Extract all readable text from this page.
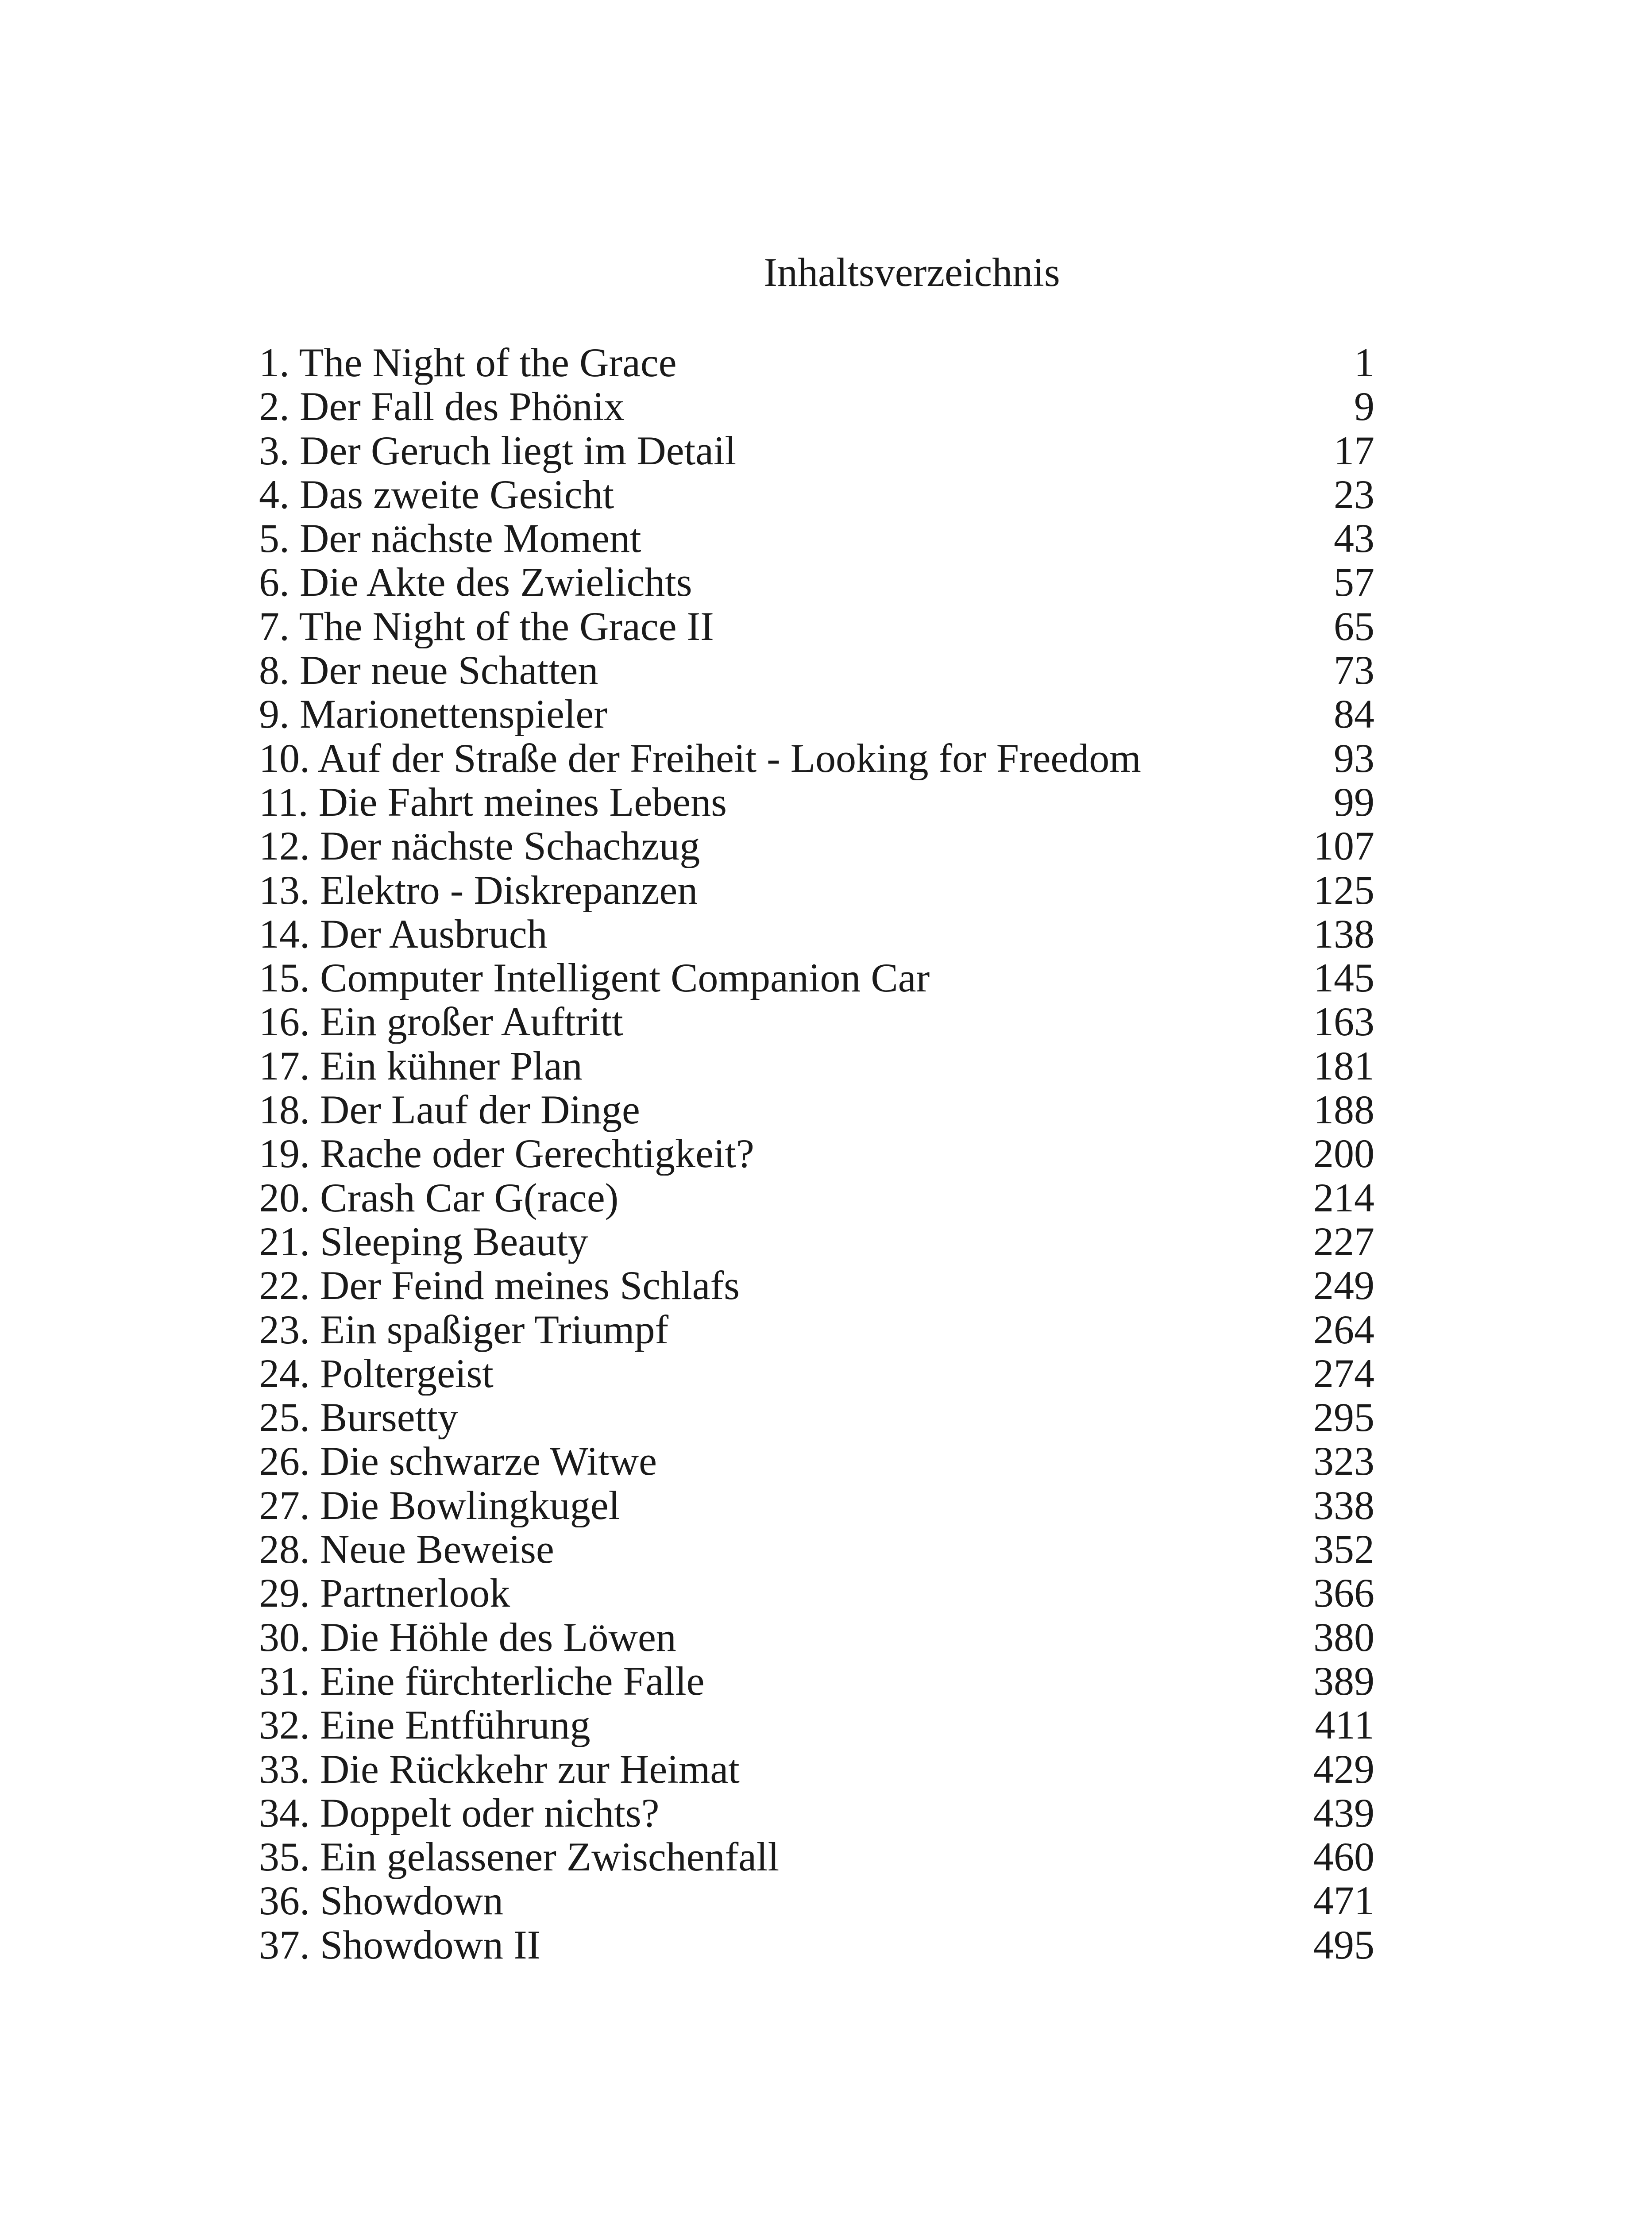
Inhaltsverzeichnis
1. The Night of the Grace	1
2. Der Fall des Phönix	9
3. Der Geruch liegt im Detail	17
4. Das zweite Gesicht	23
5. Der nächste Moment	43
6. Die Akte des Zwielichts	57
7. The Night of the Grace II	65
8. Der neue Schatten	73
9. Marionettenspieler	84
10. Auf der Straße der Freiheit - Looking for Freedom	93
11. Die Fahrt meines Lebens	99
12. Der nächste Schachzug	107
13. Elektro - Diskrepanzen	125
14. Der Ausbruch	138
15. Computer Intelligent Companion Car	145
16. Ein großer Auftritt	163
17. Ein kühner Plan	181
18. Der Lauf der Dinge	188
19. Rache oder Gerechtigkeit?	200
20. Crash Car G(race)	214
21. Sleeping Beauty	227
22. Der Feind meines Schlafs	249
23. Ein spaßiger Triumpf	264
24. Poltergeist	274
25. Bursetty	295
26. Die schwarze Witwe	323
27. Die Bowlingkugel	338
28. Neue Beweise	352
29. Partnerlook	366
30. Die Höhle des Löwen	380
31. Eine fürchterliche Falle	389
32. Eine Entführung	411
33. Die Rückkehr zur Heimat	429
34. Doppelt oder nichts?	439
35. Ein gelassener Zwischenfall	460
36. Showdown	471
37. Showdown II	495
